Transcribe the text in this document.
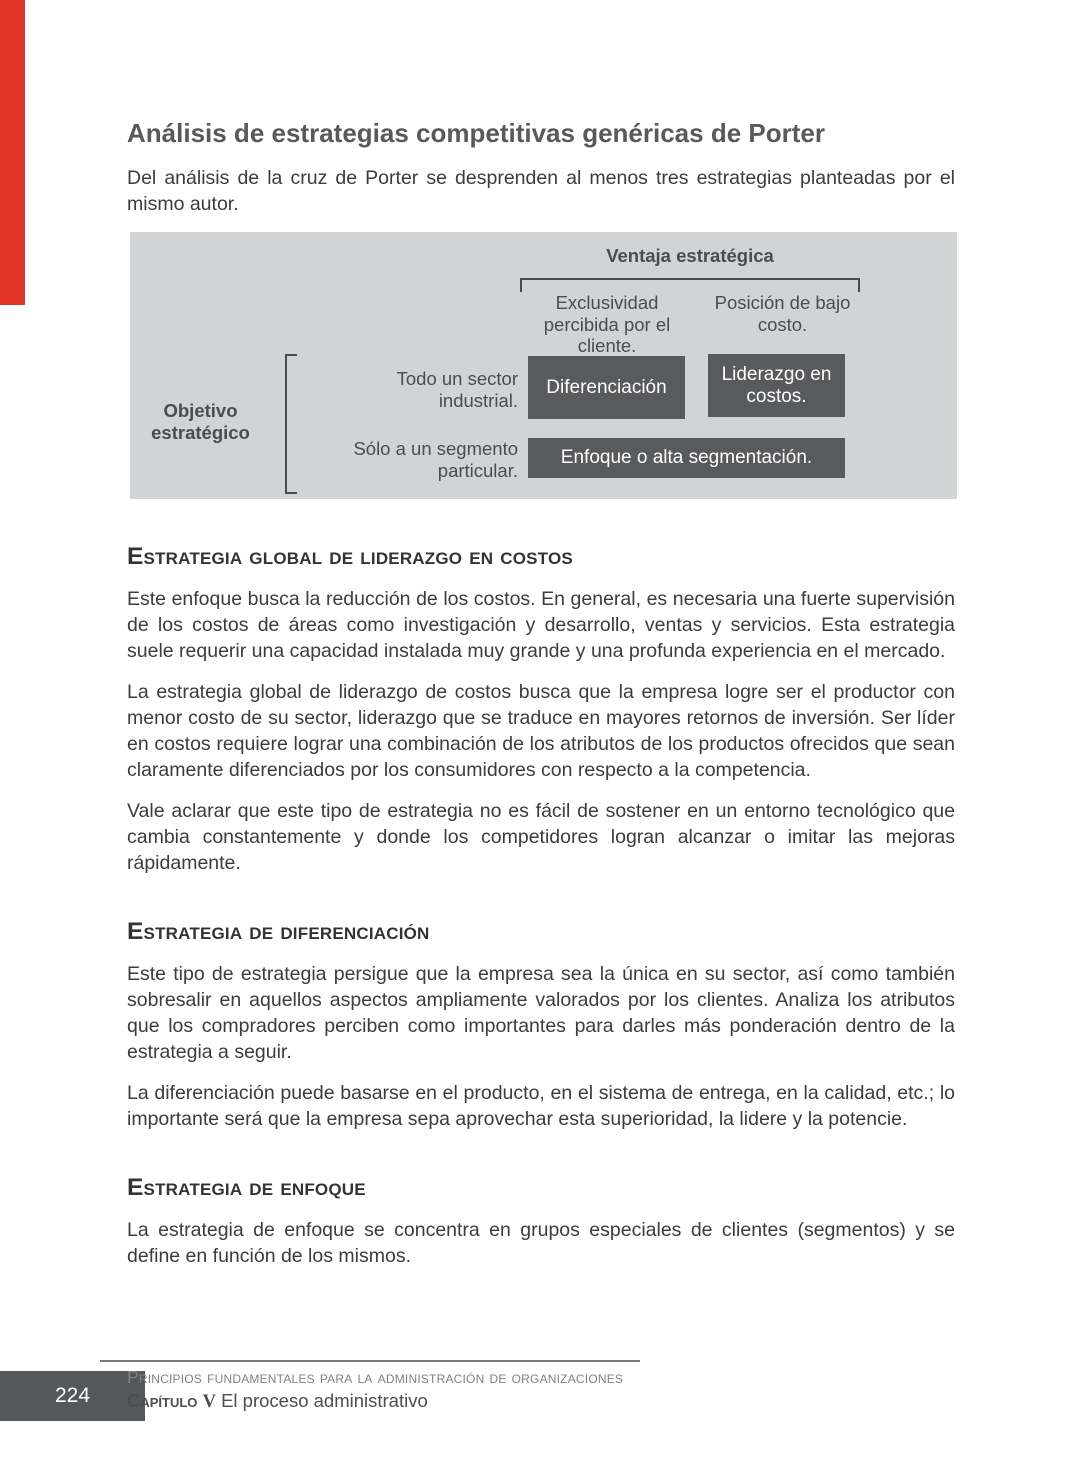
Análisis de estrategias competitivas genéricas de Porter

Del análisis de la cruz de Porter se desprenden al menos tres estrategias planteadas por el mismo autor.

Ventaja estratégica
Exclusividad percibida por el cliente.
Posición de bajo costo.
Objetivo estratégico
Todo un sector industrial.
Sólo a un segmento particular.
Diferenciación
Liderazgo en costos.
Enfoque o alta segmentación.
Estrategia global de liderazgo en costos

Este enfoque busca la reducción de los costos. En general, es necesaria una fuerte supervisión de los costos de áreas como investigación y desarrollo, ventas y servicios. Esta estrategia suele requerir una capacidad instalada muy grande y una profunda experiencia en el mercado.

La estrategia global de liderazgo de costos busca que la empresa logre ser el productor con menor costo de su sector, liderazgo que se traduce en mayores retornos de inversión. Ser líder en costos requiere lograr una combinación de los atributos de los productos ofrecidos que sean claramente diferenciados por los consumidores con respecto a la competencia.

Vale aclarar que este tipo de estrategia no es fácil de sostener en un entorno tecnológico que cambia constantemente y donde los competidores logran alcanzar o imitar las mejoras rápidamente.

Estrategia de diferenciación

Este tipo de estrategia persigue que la empresa sea la única en su sector, así como también sobresalir en aquellos aspectos ampliamente valorados por los clientes. Analiza los atributos que los compradores perciben como importantes para darles más ponderación dentro de la estrategia a seguir.

La diferenciación puede basarse en el producto, en el sistema de entrega, en la calidad, etc.; lo importante será que la empresa sepa aprovechar esta superioridad, la lidere y la potencie.

Estrategia de enfoque

La estrategia de enfoque se concentra en grupos especiales de clientes (segmentos) y se define en función de los mismos.

224
Principios fundamentales para la administración de organizaciones
Capítulo V El proceso administrativo
